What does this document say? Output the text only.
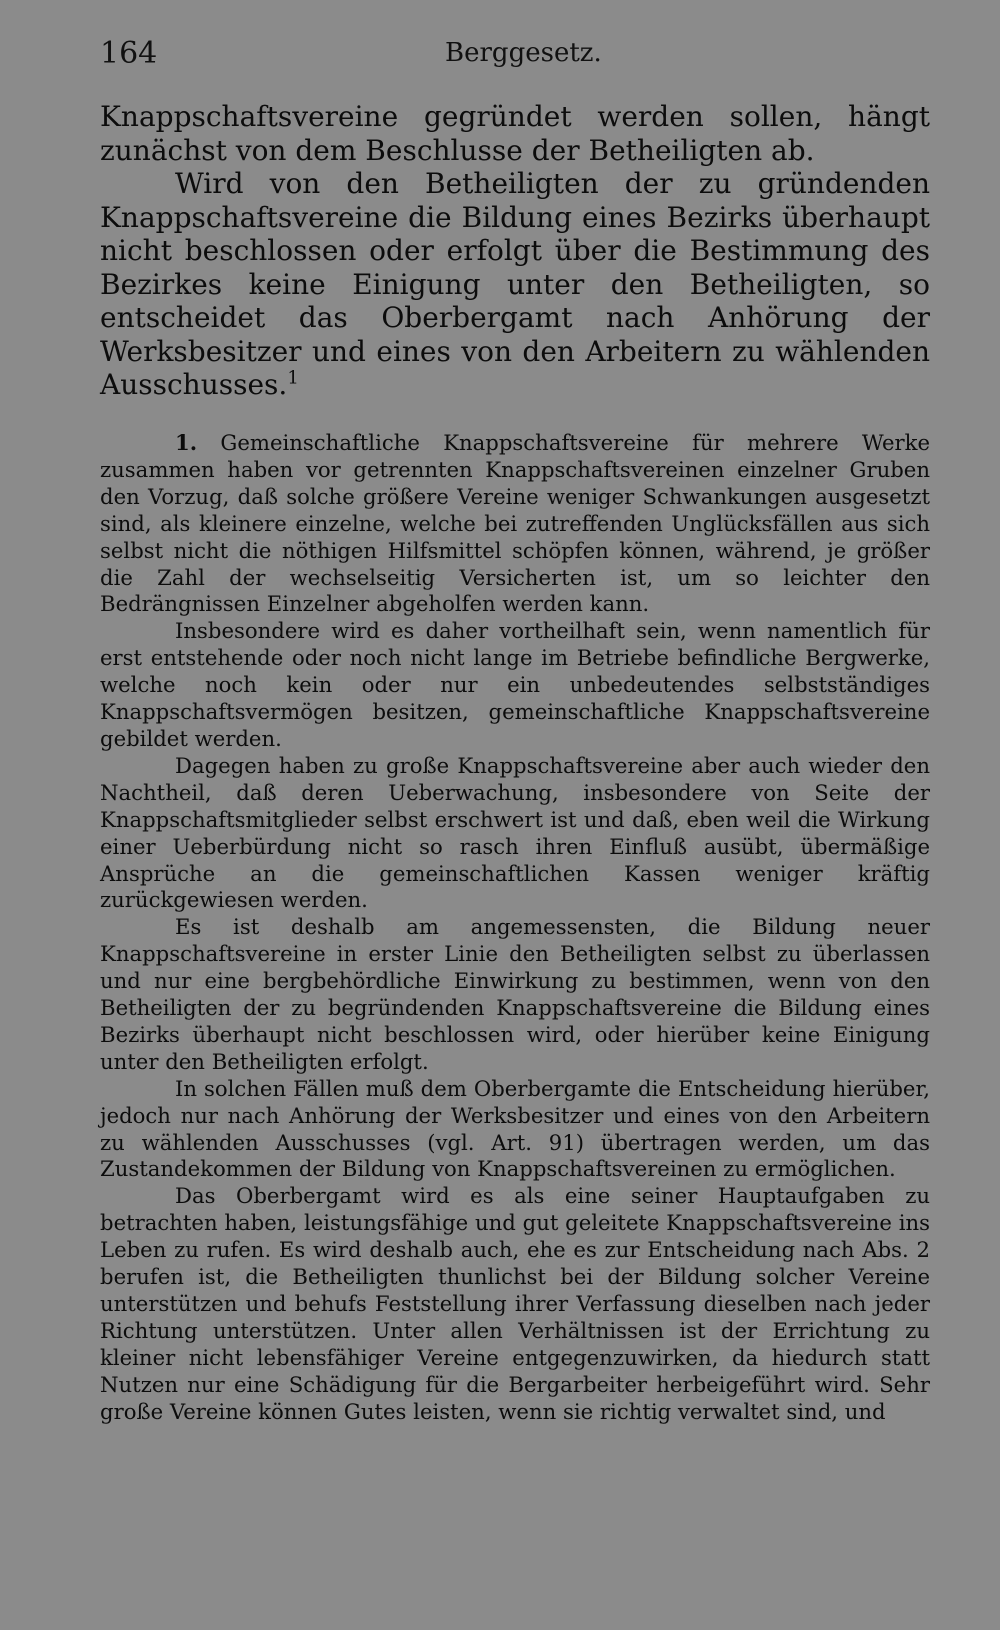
164	Berggesetz.

Knappschaftsvereine gegründet werden sollen, hängt zunächst von dem Beschlusse der Betheiligten ab.

Wird von den Betheiligten der zu gründenden Knappschaftsvereine die Bildung eines Bezirks überhaupt nicht beschlossen oder erfolgt über die Bestimmung des Bezirkes keine Einigung unter den Betheiligten, so entscheidet das Oberbergamt nach Anhörung der Werksbesitzer und eines von den Arbeitern zu wählenden Ausschusses.$^1$

1. Gemeinschaftliche Knappschaftsvereine für mehrere Werke zusammen haben vor getrennten Knappschaftsvereinen einzelner Gruben den Vorzug, daß solche größere Vereine weniger Schwankungen ausgesetzt sind, als kleinere einzelne, welche bei zutreffenden Unglücksfällen aus sich selbst nicht die nöthigen Hilfsmittel schöpfen können, während, je größer die Zahl der wechselseitig Versicherten ist, um so leichter den Bedrängnissen Einzelner abgeholfen werden kann.

Insbesondere wird es daher vortheilhaft sein, wenn namentlich für erst entstehende oder noch nicht lange im Betriebe befindliche Bergwerke, welche noch kein oder nur ein unbedeutendes selbstständiges Knappschaftsvermögen besitzen, gemeinschaftliche Knappschaftsvereine gebildet werden.

Dagegen haben zu große Knappschaftsvereine aber auch wieder den Nachtheil, daß deren Ueberwachung, insbesondere von Seite der Knappschaftsmitglieder selbst erschwert ist und daß, eben weil die Wirkung einer Ueberbürdung nicht so rasch ihren Einfluß ausübt, übermäßige Ansprüche an die gemeinschaftlichen Kassen weniger kräftig zurückgewiesen werden.

Es ist deshalb am angemessensten, die Bildung neuer Knappschaftsvereine in erster Linie den Betheiligten selbst zu überlassen und nur eine bergbehördliche Einwirkung zu bestimmen, wenn von den Betheiligten der zu begründenden Knappschaftsvereine die Bildung eines Bezirks überhaupt nicht beschlossen wird, oder hierüber keine Einigung unter den Betheiligten erfolgt.

In solchen Fällen muß dem Oberbergamte die Entscheidung hierüber, jedoch nur nach Anhörung der Werksbesitzer und eines von den Arbeitern zu wählenden Ausschusses (vgl. Art. 91) übertragen werden, um das Zustandekommen der Bildung von Knappschaftsvereinen zu ermöglichen.

Das Oberbergamt wird es als eine seiner Hauptaufgaben zu betrachten haben, leistungsfähige und gut geleitete Knappschaftsvereine ins Leben zu rufen. Es wird deshalb auch, ehe es zur Entscheidung nach Abs. 2 berufen ist, die Betheiligten thunlichst bei der Bildung solcher Vereine unterstützen und behufs Feststellung ihrer Verfassung dieselben nach jeder Richtung unterstützen. Unter allen Verhältnissen ist der Errichtung zu kleiner nicht lebensfähiger Vereine entgegenzuwirken, da hiedurch statt Nutzen nur eine Schädigung für die Bergarbeiter herbeigeführt wird. Sehr große Vereine können Gutes leisten, wenn sie richtig verwaltet sind, und
